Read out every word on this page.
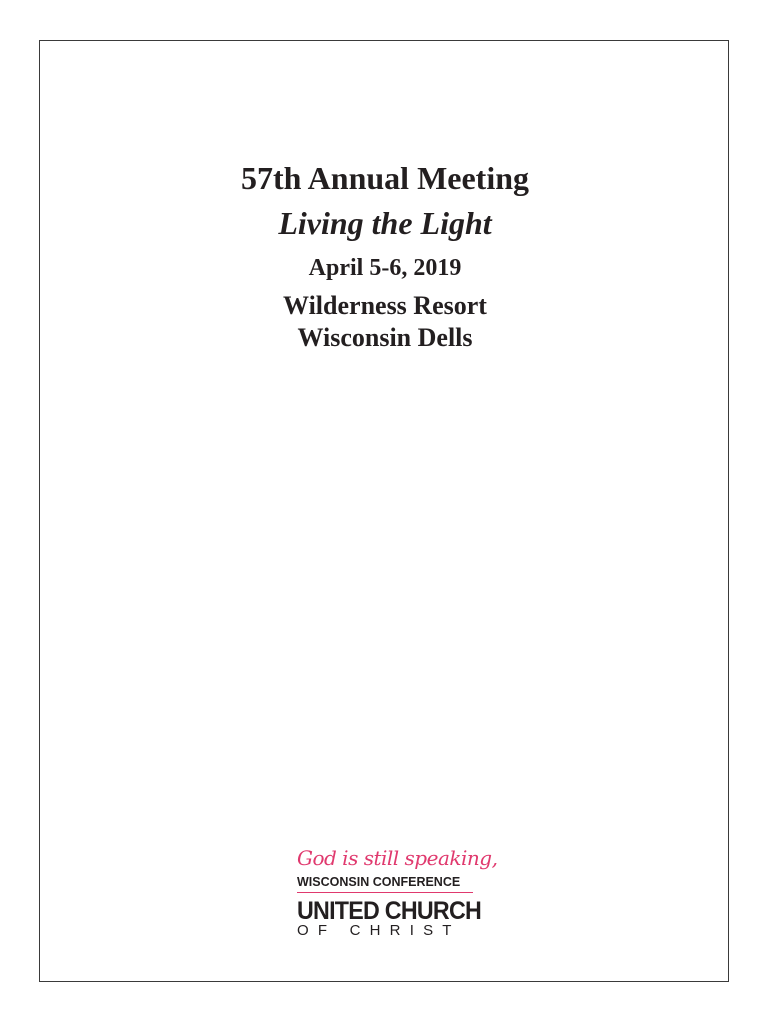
57th Annual Meeting
Living the Light
April 5-6, 2019
Wilderness Resort
Wisconsin Dells
God is still speaking,
WISCONSIN CONFERENCE
UNITED CHURCH
OF CHRIST
